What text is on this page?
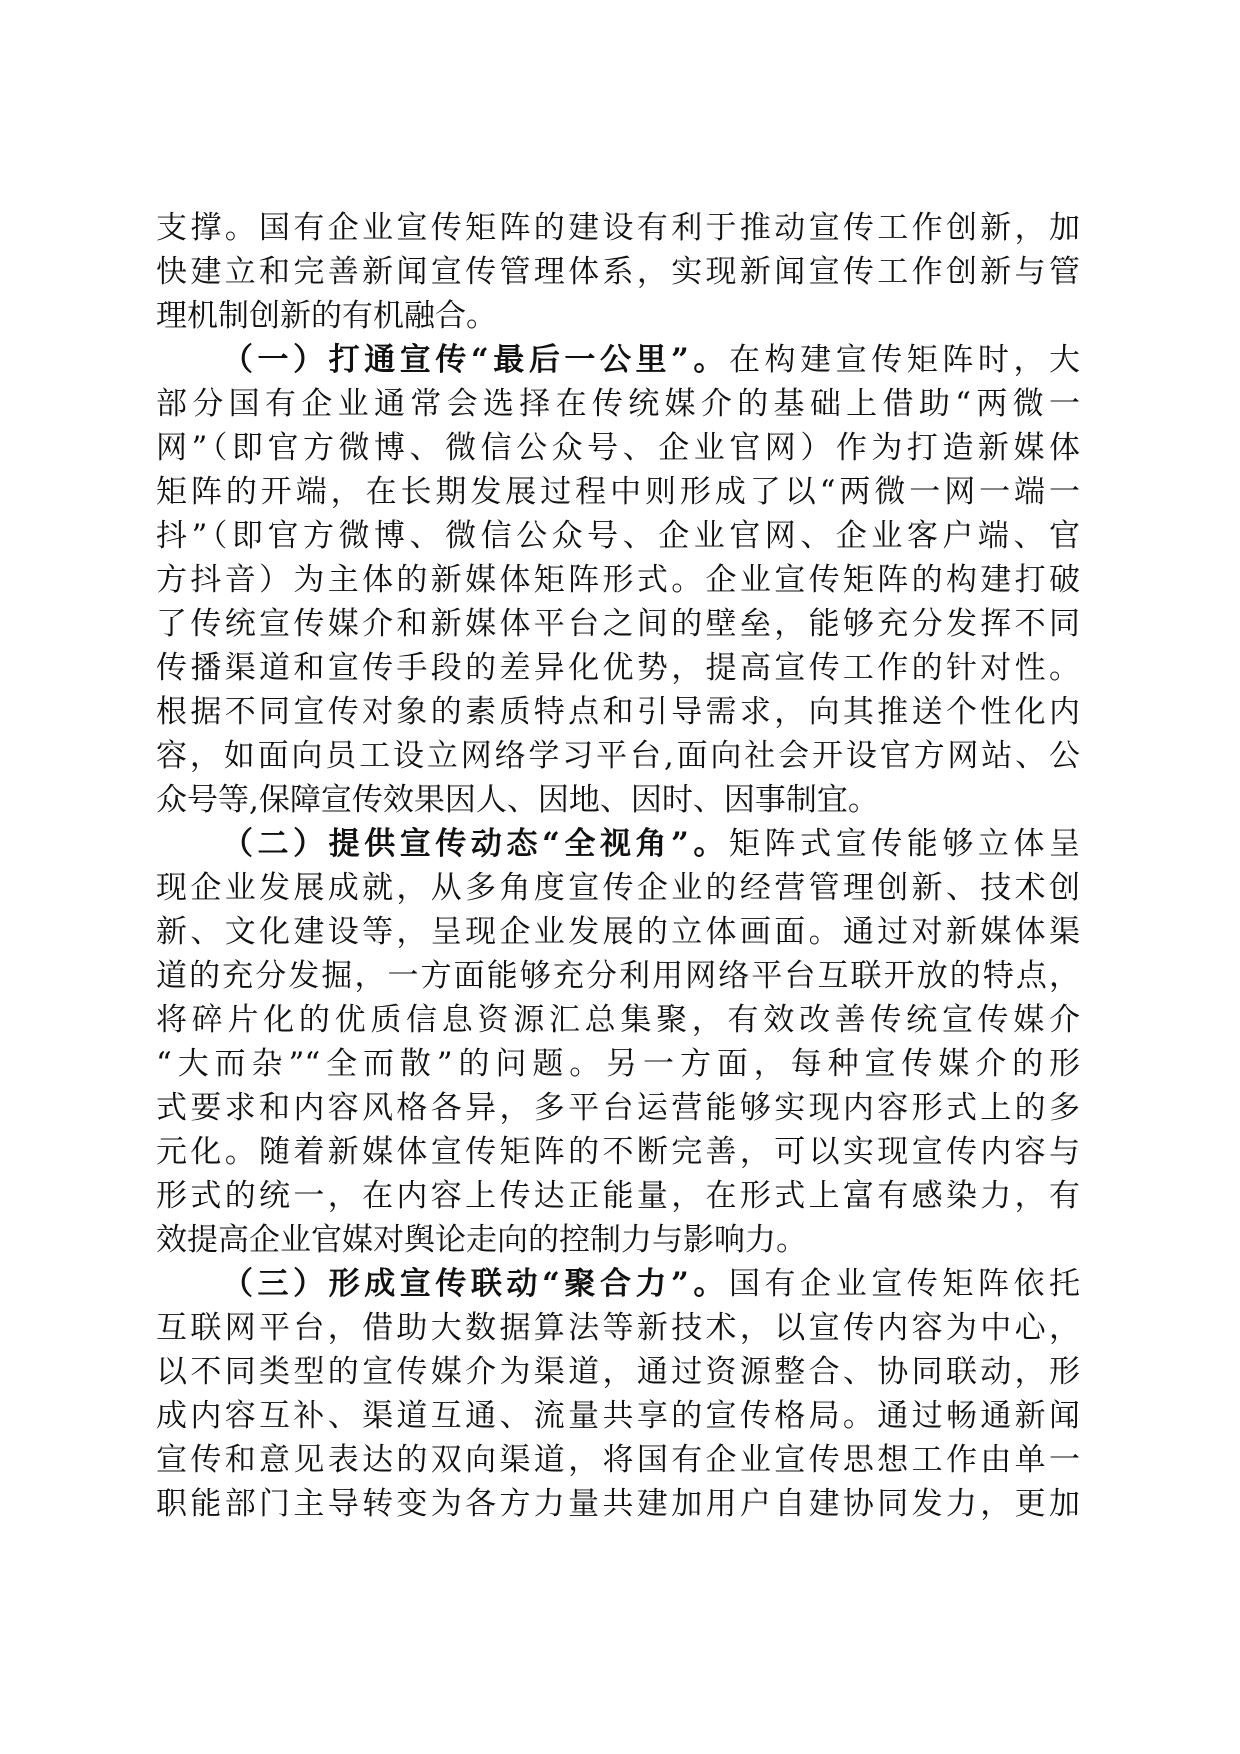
支撑。国有企业宣传矩阵的建设有利于推动宣传工作创新，加
快建立和完善新闻宣传管理体系，实现新闻宣传工作创新与管
理机制创新的有机融合。
（一）打通宣传“最后一公里”。在构建宣传矩阵时，大
部分国有企业通常会选择在传统媒介的基础上借助“两微一
网”（即官方微博、微信公众号、企业官网）作为打造新媒体
矩阵的开端，在长期发展过程中则形成了以“两微一网一端一
抖”（即官方微博、微信公众号、企业官网、企业客户端、官
方抖音）为主体的新媒体矩阵形式。企业宣传矩阵的构建打破
了传统宣传媒介和新媒体平台之间的壁垒，能够充分发挥不同
传播渠道和宣传手段的差异化优势，提高宣传工作的针对性。
根据不同宣传对象的素质特点和引导需求，向其推送个性化内
容，如面向员工设立网络学习平台,面向社会开设官方网站、公
众号等,保障宣传效果因人、因地、因时、因事制宜。
（二）提供宣传动态“全视角”。矩阵式宣传能够立体呈
现企业发展成就，从多角度宣传企业的经营管理创新、技术创
新、文化建设等，呈现企业发展的立体画面。通过对新媒体渠
道的充分发掘，一方面能够充分利用网络平台互联开放的特点，
将碎片化的优质信息资源汇总集聚，有效改善传统宣传媒介
“大而杂”“全而散”的问题。另一方面，每种宣传媒介的形
式要求和内容风格各异，多平台运营能够实现内容形式上的多
元化。随着新媒体宣传矩阵的不断完善，可以实现宣传内容与
形式的统一，在内容上传达正能量，在形式上富有感染力，有
效提高企业官媒对舆论走向的控制力与影响力。
（三）形成宣传联动“聚合力”。国有企业宣传矩阵依托
互联网平台，借助大数据算法等新技术，以宣传内容为中心，
以不同类型的宣传媒介为渠道，通过资源整合、协同联动，形
成内容互补、渠道互通、流量共享的宣传格局。通过畅通新闻
宣传和意见表达的双向渠道，将国有企业宣传思想工作由单一
职能部门主导转变为各方力量共建加用户自建协同发力，更加
